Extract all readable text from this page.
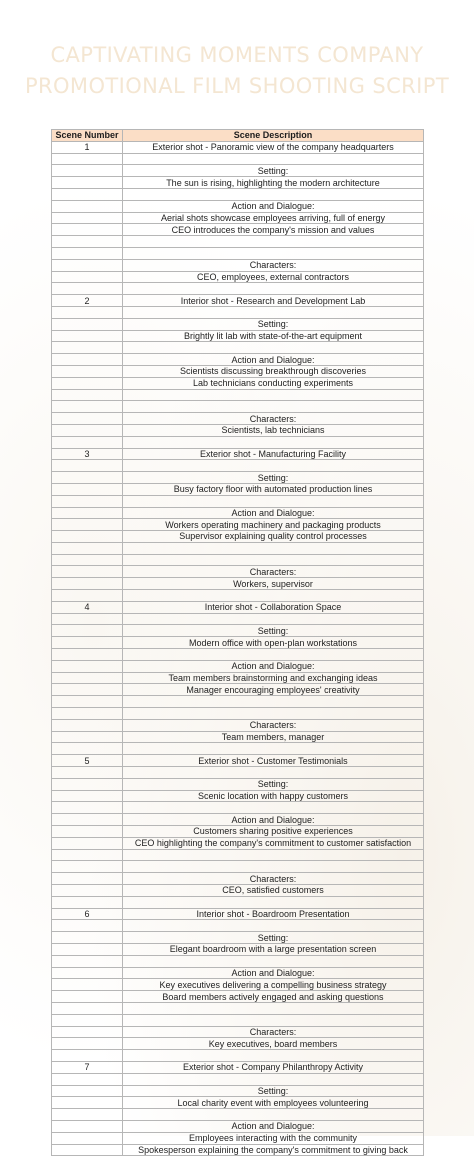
CAPTIVATING MOMENTS COMPANY
PROMOTIONAL FILM SHOOTING SCRIPT
Scene Number	Scene Description
1	Exterior shot - Panoramic view of the company headquarters

	Setting:
	The sun is rising, highlighting the modern architecture

	Action and Dialogue:
	Aerial shots showcase employees arriving, full of energy
	CEO introduces the company's mission and values

	Characters:
	CEO, employees, external contractors

2	Interior shot - Research and Development Lab

	Setting:
	Brightly lit lab with state-of-the-art equipment

	Action and Dialogue:
	Scientists discussing breakthrough discoveries
	Lab technicians conducting experiments

	Characters:
	Scientists, lab technicians

3	Exterior shot - Manufacturing Facility

	Setting:
	Busy factory floor with automated production lines

	Action and Dialogue:
	Workers operating machinery and packaging products
	Supervisor explaining quality control processes

	Characters:
	Workers, supervisor

4	Interior shot - Collaboration Space

	Setting:
	Modern office with open-plan workstations

	Action and Dialogue:
	Team members brainstorming and exchanging ideas
	Manager encouraging employees' creativity

	Characters:
	Team members, manager

5	Exterior shot - Customer Testimonials

	Setting:
	Scenic location with happy customers

	Action and Dialogue:
	Customers sharing positive experiences
	CEO highlighting the company's commitment to customer satisfaction

	Characters:
	CEO, satisfied customers

6	Interior shot - Boardroom Presentation

	Setting:
	Elegant boardroom with a large presentation screen

	Action and Dialogue:
	Key executives delivering a compelling business strategy
	Board members actively engaged and asking questions

	Characters:
	Key executives, board members

7	Exterior shot - Company Philanthropy Activity

	Setting:
	Local charity event with employees volunteering

	Action and Dialogue:
	Employees interacting with the community
	Spokesperson explaining the company's commitment to giving back
